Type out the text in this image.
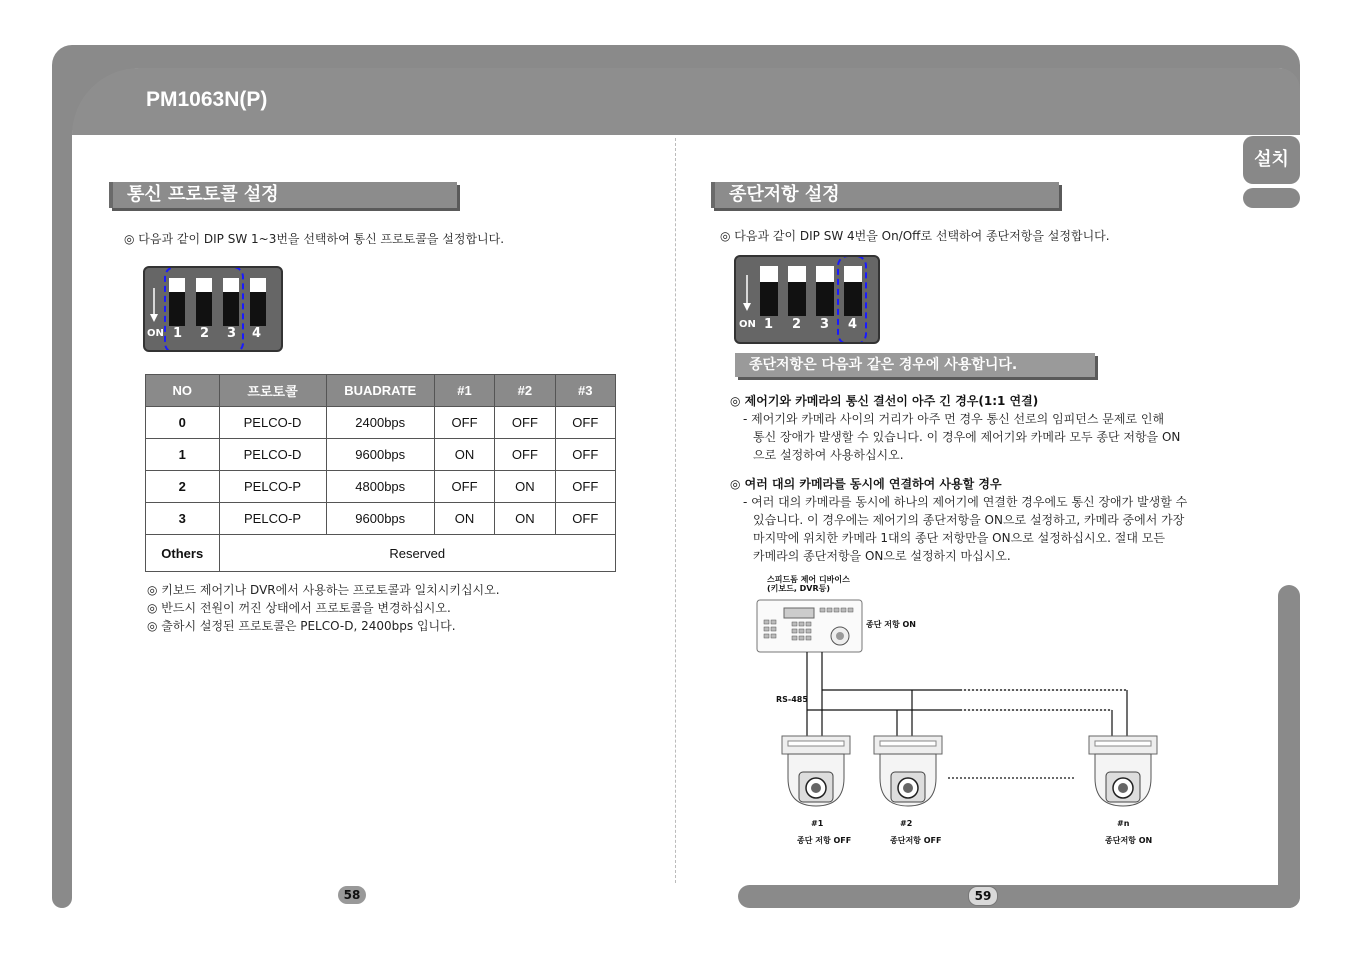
PM1063N(P)
설치
58	59
통신 프로토콜 설정
◎ 다음과 같이 DIP SW 1~3번을 선택하여 통신 프로토콜을 설정합니다.
ON 1 2 3 4
NO	프로토콜	BUADRATE	#1	#2	#3
0	PELCO-D	2400bps	OFF	OFF	OFF
1	PELCO-D	9600bps	ON	OFF	OFF
2	PELCO-P	4800bps	OFF	ON	OFF
3	PELCO-P	9600bps	ON	ON	OFF
Others	Reserved				
◎ 키보드 제어기나 DVR에서 사용하는 프로토콜과 일치시키십시오.
◎ 반드시 전원이 꺼진 상태에서 프로토콜을 변경하십시오.
◎ 출하시 설정된 프로토콜은 PELCO-D, 2400bps 입니다.
종단저항 설정
◎ 다음과 같이 DIP SW 4번을 On/Off로 선택하여 종단저항을 설정합니다.
ON 1 2 3 4
종단저항은 다음과 같은 경우에 사용합니다.
◎ 제어기와 카메라의 통신 결선이 아주 긴 경우(1:1 연결)
- 제어기와 카메라 사이의 거리가 아주 먼 경우 통신 선로의 임피던스 문제로 인해
통신 장애가 발생할 수 있습니다. 이 경우에 제어기와 카메라 모두 종단 저항을 ON
으로 설정하여 사용하십시오.
◎ 여러 대의 카메라를 동시에 연결하여 사용할 경우
- 여러 대의 카메라를 동시에 하나의 제어기에 연결한 경우에도 통신 장애가 발생할 수
있습니다. 이 경우에는 제어기의 종단저항을 ON으로 설정하고, 카메라 중에서 가장
마지막에 위치한 카메라 1대의 종단 저항만을 ON으로 설정하십시오. 절대 모든
카메라의 종단저항을 ON으로 설정하지 마십시오.
스피드돔 제어 디바이스
(키보드, DVR등)
종단 저항 ON
RS-485
#1
종단 저항 OFF
#2
종단저항 OFF
#n
종단저항 ON
